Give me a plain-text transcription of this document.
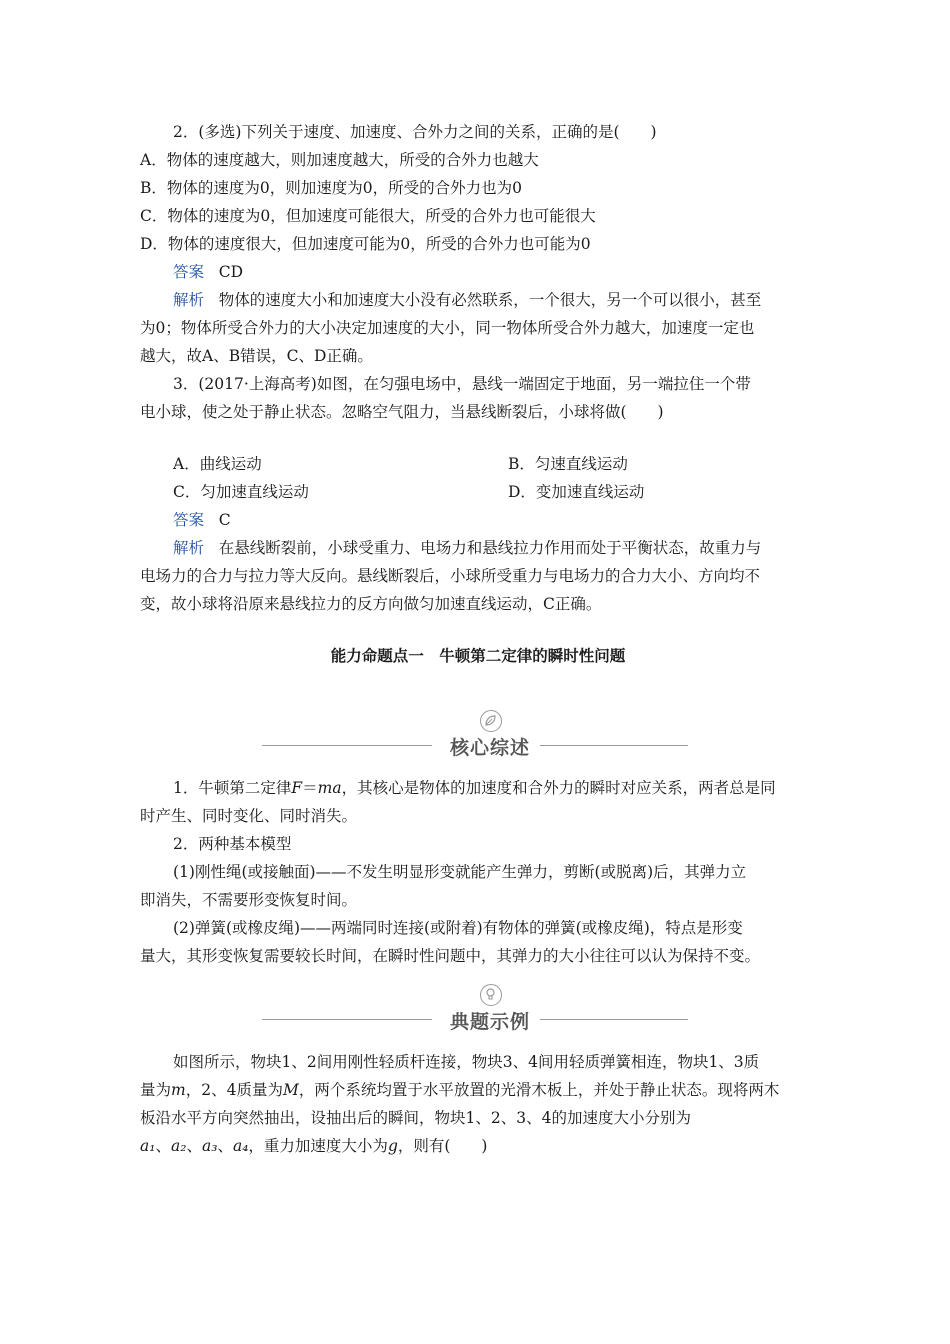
2．(多选)下列关于速度、加速度、合外力之间的关系，正确的是(　　)
A．物体的速度越大，则加速度越大，所受的合外力也越大
B．物体的速度为0，则加速度为0，所受的合外力也为0
C．物体的速度为0，但加速度可能很大，所受的合外力也可能很大
D．物体的速度很大，但加速度可能为0，所受的合外力也可能为0
答案 CD
解析 物体的速度大小和加速度大小没有必然联系，一个很大，另一个可以很小，甚至
为0；物体所受合外力的大小决定加速度的大小，同一物体所受合外力越大，加速度一定也
越大，故A、B错误，C、D正确。
3．(2017·上海高考)如图，在匀强电场中，悬线一端固定于地面，另一端拉住一个带
电小球，使之处于静止状态。忽略空气阻力，当悬线断裂后，小球将做(　　)
A．曲线运动	B．匀速直线运动
C．匀加速直线运动	D．变加速直线运动
答案 C
解析 在悬线断裂前，小球受重力、电场力和悬线拉力作用而处于平衡状态，故重力与
电场力的合力与拉力等大反向。悬线断裂后，小球所受重力与电场力的合力大小、方向均不
变，故小球将沿原来悬线拉力的反方向做匀加速直线运动，C正确。
能力命题点一　牛顿第二定律的瞬时性问题
核心综述
1．牛顿第二定律F＝ma，其核心是物体的加速度和合外力的瞬时对应关系，两者总是同
时产生、同时变化、同时消失。
2．两种基本模型
(1)刚性绳(或接触面)——不发生明显形变就能产生弹力，剪断(或脱离)后，其弹力立
即消失，不需要形变恢复时间。
(2)弹簧(或橡皮绳)——两端同时连接(或附着)有物体的弹簧(或橡皮绳)，特点是形变
量大，其形变恢复需要较长时间，在瞬时性问题中，其弹力的大小往往可以认为保持不变。
典题示例
如图所示，物块1、2间用刚性轻质杆连接，物块3、4间用轻质弹簧相连，物块1、3质
量为m，2、4质量为M，两个系统均置于水平放置的光滑木板上，并处于静止状态。现将两木
板沿水平方向突然抽出，设抽出后的瞬间，物块1、2、3、4的加速度大小分别为
a₁、a₂、a₃、a₄，重力加速度大小为g，则有(　　)
